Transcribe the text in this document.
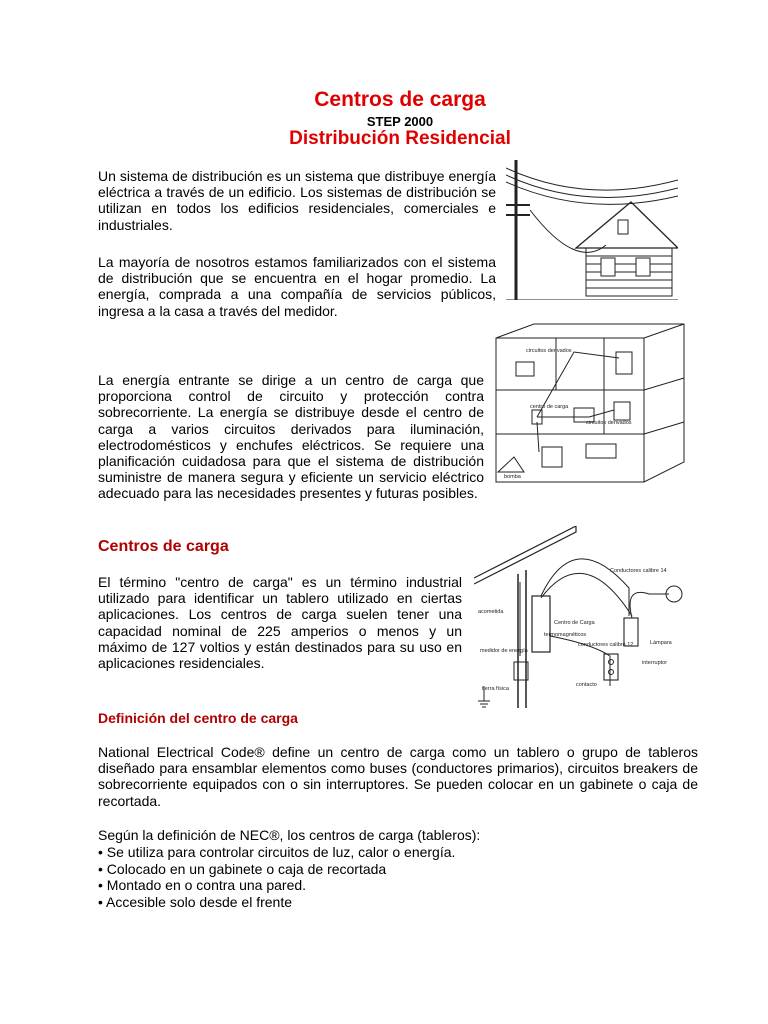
Centros de carga
STEP 2000
Distribución Residencial

Un sistema de distribución es un sistema que distribuye energía eléctrica a través de un edificio. Los sistemas de distribución se utilizan en todos los edificios residenciales, comerciales e industriales.

La mayoría de nosotros estamos familiarizados con el sistema de distribución que se encuentra en el hogar promedio. La energía, comprada a una compañía de servicios públicos, ingresa a la casa a través del medidor.

La energía entrante se dirige a un centro de carga que proporciona control de circuito y protección contra sobrecorriente. La energía se distribuye desde el centro de carga a varios circuitos derivados para iluminación, electrodomésticos y enchufes eléctricos. Se requiere una planificación cuidadosa para que el sistema de distribución suministre de manera segura y eficiente un servicio eléctrico adecuado para las necesidades presentes y futuras posibles.

Centros de carga

El término "centro de carga" es un término industrial utilizado para identificar un tablero utilizado en ciertas aplicaciones. Los centros de carga suelen tener una capacidad nominal de 225 amperios o menos y un máximo de 127 voltios y están destinados para su uso en aplicaciones residenciales.

Definición del centro de carga

National Electrical Code® define un centro de carga como un tablero o grupo de tableros diseñado para ensamblar elementos como buses (conductores primarios), circuitos breakers de sobrecorriente equipados con o sin interruptores. Se pueden colocar en un gabinete o caja de recortada.

Según la definición de NEC®, los centros de carga (tableros):
• Se utiliza para controlar circuitos de luz, calor o energía.
• Colocado en un gabinete o caja de recortada
• Montado en o contra una pared.
• Accesible solo desde el frente
circuitos derivados
centro de carga
circuitos derivados
bomba
Conductores calibre 14
acometida
Centro de Carga
termomagnéticos
conductores calibre 12	Lámpara
medidor de energía
interruptor
contacto
tierra física
